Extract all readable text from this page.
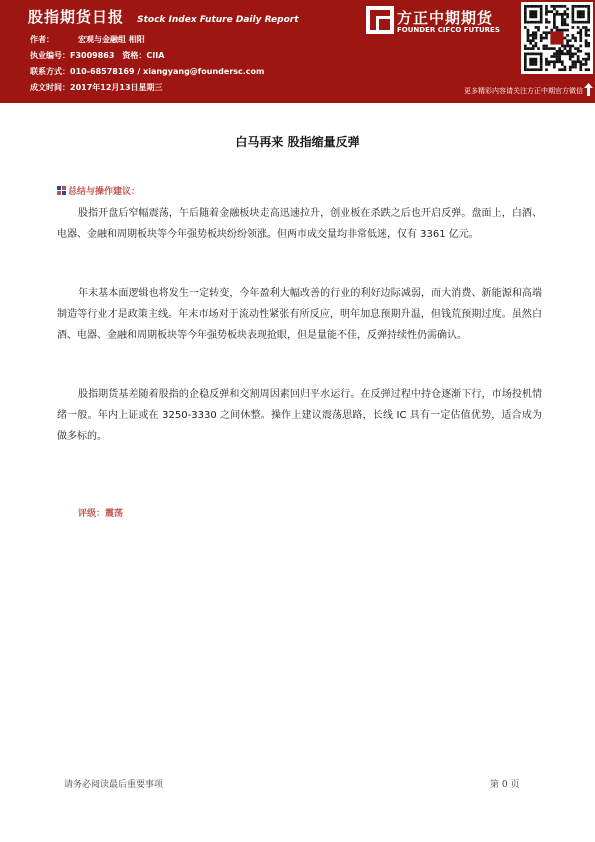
股指期货日报 Stock Index Future Daily Report
作者：	宏观与金融组 相阳
执业编号：F3009863　资格：CIIA
联系方式：010-68578169 / xiangyang@foundersc.com
成文时间：2017年12月13日星期三
方正中期期货
FOUNDER CIFCO FUTURES
更多精彩内容请关注方正中期官方微信
白马再来 股指缩量反弹
总结与操作建议：

股指开盘后窄幅震荡，午后随着金融板块走高迅速拉升，创业板在杀跌之后也开启反弹。盘面上，白酒、电器、金融和周期板块等今年强势板块纷纷领涨。但两市成交量均非常低迷，仅有 3361 亿元。

年末基本面逻辑也将发生一定转变，今年盈利大幅改善的行业的利好边际减弱，而大消费、新能源和高端制造等行业才是政策主线。年末市场对于流动性紧张有所反应，明年加息预期升温，但钱荒预期过度。虽然白酒、电器、金融和周期板块等今年强势板块表现抢眼，但是量能不佳，反弹持续性仍需确认。

股指期货基差随着股指的企稳反弹和交割周因素回归平水运行。在反弹过程中持仓逐渐下行，市场投机情绪一般。年内上证或在 3250-3330 之间休整。操作上建议震荡思路，长线 IC 具有一定估值优势，适合成为做多标的。

评级：震荡
请务必阅读最后重要事项	第 0 页
